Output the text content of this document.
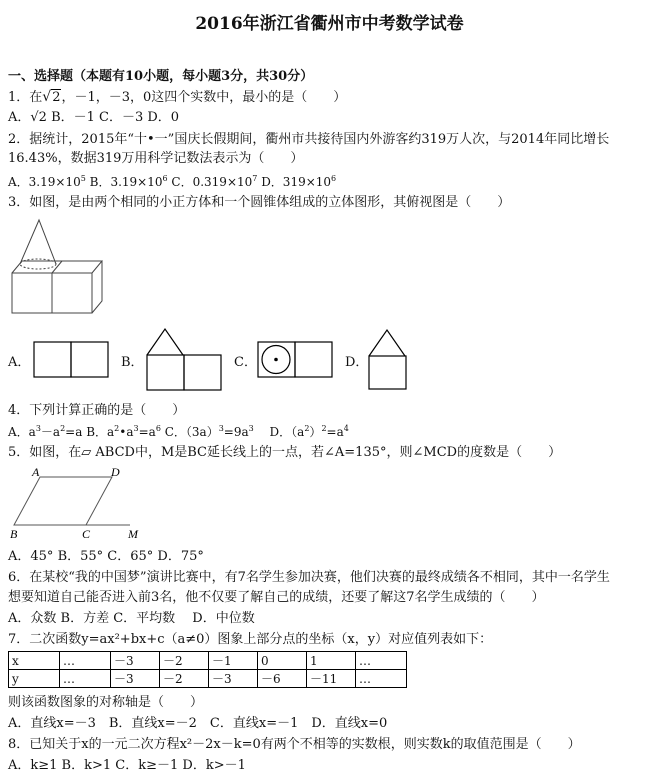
2016年浙江省衢州市中考数学试卷
一、选择题（本题有10小题，每小题3分，共30分）
1．在√2，－1，－3，0这四个实数中，最小的是（　　）
A．√2 B．－1 C．－3 D．0
2．据统计，2015年“十•一”国庆长假期间，衢州市共接待国内外游客约319万人次，与2014年同比增长
16.43%，数据319万用科学记数法表示为（　　）
A．$3.19\times 10^5$ B．$3.19\times 10^6$ C．$0.319\times 10^7$ D．$319\times 10^6$
3．如图，是由两个相同的小正方体和一个圆锥体组成的立体图形，其俯视图是（　　）
A．	B．	C．	D．
4．下列计算正确的是（　　）
A．$a^3-a^2=a$ B．$a^2•a^3=a^6$ C．$(3a)^3=9a^3$　 D．$(a^2)^2=a^4$
5．如图，在▱ ABCD中，M是BC延长线上的一点，若∠A=135°，则∠MCD的度数是（　　）
A	D
B	C	M
A．45° B．55° C．65° D．75°
6．在某校“我的中国梦”演讲比赛中，有7名学生参加决赛，他们决赛的最终成绩各不相同，其中一名学生
想要知道自己能否进入前3名，他不仅要了解自己的成绩，还要了解这7名学生成绩的（　　）
A．众数 B．方差 C．平均数　 D．中位数
7．二次函数y=ax²+bx+c（a≠0）图象上部分点的坐标（x，y）对应值列表如下：
x	…	－3	－2	－1	0	1	…
y	…	－3	－2	－3	－6	－11	…
则该函数图象的对称轴是（　　）
A．直线x=－3　B．直线x=－2　C．直线x=－1　D．直线x=0
8．已知关于x的一元二次方程x²－2x－k=0有两个不相等的实数根，则实数k的取值范围是（　　）
A．k≥1 B．k>1 C．k≥－1 D．k>－1
